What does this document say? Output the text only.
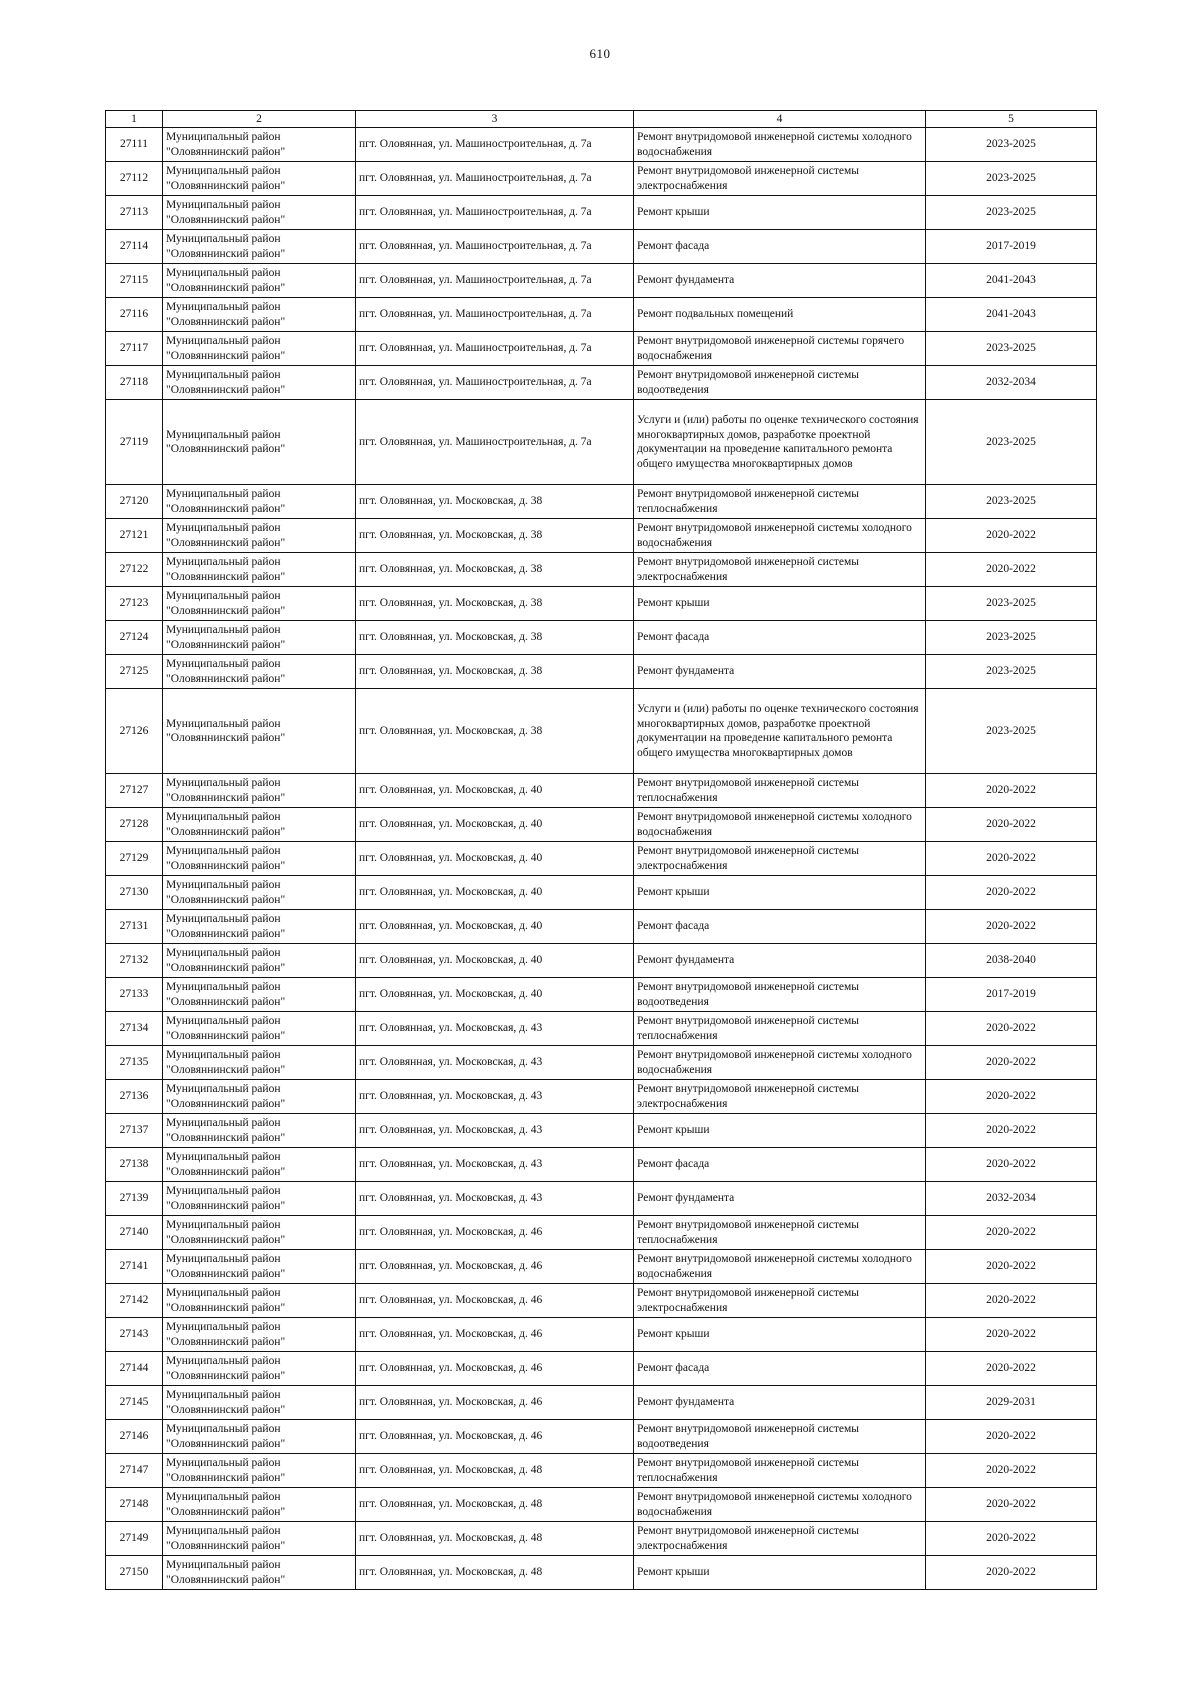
610
1	2	3	4	5
27111	Муниципальный район "Оловяннинский район"	пгт. Оловянная, ул. Машиностроительная, д. 7а	Ремонт внутридомовой инженерной системы холодного водоснабжения	2023-2025
27112	Муниципальный район "Оловяннинский район"	пгт. Оловянная, ул. Машиностроительная, д. 7а	Ремонт внутридомовой инженерной системы электроснабжения	2023-2025
27113	Муниципальный район "Оловяннинский район"	пгт. Оловянная, ул. Машиностроительная, д. 7а	Ремонт крыши	2023-2025
27114	Муниципальный район "Оловяннинский район"	пгт. Оловянная, ул. Машиностроительная, д. 7а	Ремонт фасада	2017-2019
27115	Муниципальный район "Оловяннинский район"	пгт. Оловянная, ул. Машиностроительная, д. 7а	Ремонт фундамента	2041-2043
27116	Муниципальный район "Оловяннинский район"	пгт. Оловянная, ул. Машиностроительная, д. 7а	Ремонт подвальных помещений	2041-2043
27117	Муниципальный район "Оловяннинский район"	пгт. Оловянная, ул. Машиностроительная, д. 7а	Ремонт внутридомовой инженерной системы горячего водоснабжения	2023-2025
27118	Муниципальный район "Оловяннинский район"	пгт. Оловянная, ул. Машиностроительная, д. 7а	Ремонт внутридомовой инженерной системы водоотведения	2032-2034
27119	Муниципальный район "Оловяннинский район"	пгт. Оловянная, ул. Машиностроительная, д. 7а	Услуги и (или) работы по оценке технического состояния многоквартирных домов, разработке проектной документации на проведение капитального ремонта общего имущества многоквартирных домов	2023-2025
27120	Муниципальный район "Оловяннинский район"	пгт. Оловянная, ул. Московская, д. 38	Ремонт внутридомовой инженерной системы теплоснабжения	2023-2025
27121	Муниципальный район "Оловяннинский район"	пгт. Оловянная, ул. Московская, д. 38	Ремонт внутридомовой инженерной системы холодного водоснабжения	2020-2022
27122	Муниципальный район "Оловяннинский район"	пгт. Оловянная, ул. Московская, д. 38	Ремонт внутридомовой инженерной системы электроснабжения	2020-2022
27123	Муниципальный район "Оловяннинский район"	пгт. Оловянная, ул. Московская, д. 38	Ремонт крыши	2023-2025
27124	Муниципальный район "Оловяннинский район"	пгт. Оловянная, ул. Московская, д. 38	Ремонт фасада	2023-2025
27125	Муниципальный район "Оловяннинский район"	пгт. Оловянная, ул. Московская, д. 38	Ремонт фундамента	2023-2025
27126	Муниципальный район "Оловяннинский район"	пгт. Оловянная, ул. Московская, д. 38	Услуги и (или) работы по оценке технического состояния многоквартирных домов, разработке проектной документации на проведение капитального ремонта общего имущества многоквартирных домов	2023-2025
27127	Муниципальный район "Оловяннинский район"	пгт. Оловянная, ул. Московская, д. 40	Ремонт внутридомовой инженерной системы теплоснабжения	2020-2022
27128	Муниципальный район "Оловяннинский район"	пгт. Оловянная, ул. Московская, д. 40	Ремонт внутридомовой инженерной системы холодного водоснабжения	2020-2022
27129	Муниципальный район "Оловяннинский район"	пгт. Оловянная, ул. Московская, д. 40	Ремонт внутридомовой инженерной системы электроснабжения	2020-2022
27130	Муниципальный район "Оловяннинский район"	пгт. Оловянная, ул. Московская, д. 40	Ремонт крыши	2020-2022
27131	Муниципальный район "Оловяннинский район"	пгт. Оловянная, ул. Московская, д. 40	Ремонт фасада	2020-2022
27132	Муниципальный район "Оловяннинский район"	пгт. Оловянная, ул. Московская, д. 40	Ремонт фундамента	2038-2040
27133	Муниципальный район "Оловяннинский район"	пгт. Оловянная, ул. Московская, д. 40	Ремонт внутридомовой инженерной системы водоотведения	2017-2019
27134	Муниципальный район "Оловяннинский район"	пгт. Оловянная, ул. Московская, д. 43	Ремонт внутридомовой инженерной системы теплоснабжения	2020-2022
27135	Муниципальный район "Оловяннинский район"	пгт. Оловянная, ул. Московская, д. 43	Ремонт внутридомовой инженерной системы холодного водоснабжения	2020-2022
27136	Муниципальный район "Оловяннинский район"	пгт. Оловянная, ул. Московская, д. 43	Ремонт внутридомовой инженерной системы электроснабжения	2020-2022
27137	Муниципальный район "Оловяннинский район"	пгт. Оловянная, ул. Московская, д. 43	Ремонт крыши	2020-2022
27138	Муниципальный район "Оловяннинский район"	пгт. Оловянная, ул. Московская, д. 43	Ремонт фасада	2020-2022
27139	Муниципальный район "Оловяннинский район"	пгт. Оловянная, ул. Московская, д. 43	Ремонт фундамента	2032-2034
27140	Муниципальный район "Оловяннинский район"	пгт. Оловянная, ул. Московская, д. 46	Ремонт внутридомовой инженерной системы теплоснабжения	2020-2022
27141	Муниципальный район "Оловяннинский район"	пгт. Оловянная, ул. Московская, д. 46	Ремонт внутридомовой инженерной системы холодного водоснабжения	2020-2022
27142	Муниципальный район "Оловяннинский район"	пгт. Оловянная, ул. Московская, д. 46	Ремонт внутридомовой инженерной системы электроснабжения	2020-2022
27143	Муниципальный район "Оловяннинский район"	пгт. Оловянная, ул. Московская, д. 46	Ремонт крыши	2020-2022
27144	Муниципальный район "Оловяннинский район"	пгт. Оловянная, ул. Московская, д. 46	Ремонт фасада	2020-2022
27145	Муниципальный район "Оловяннинский район"	пгт. Оловянная, ул. Московская, д. 46	Ремонт фундамента	2029-2031
27146	Муниципальный район "Оловяннинский район"	пгт. Оловянная, ул. Московская, д. 46	Ремонт внутридомовой инженерной системы водоотведения	2020-2022
27147	Муниципальный район "Оловяннинский район"	пгт. Оловянная, ул. Московская, д. 48	Ремонт внутридомовой инженерной системы теплоснабжения	2020-2022
27148	Муниципальный район "Оловяннинский район"	пгт. Оловянная, ул. Московская, д. 48	Ремонт внутридомовой инженерной системы холодного водоснабжения	2020-2022
27149	Муниципальный район "Оловяннинский район"	пгт. Оловянная, ул. Московская, д. 48	Ремонт внутридомовой инженерной системы электроснабжения	2020-2022
27150	Муниципальный район "Оловяннинский район"	пгт. Оловянная, ул. Московская, д. 48	Ремонт крыши	2020-2022
